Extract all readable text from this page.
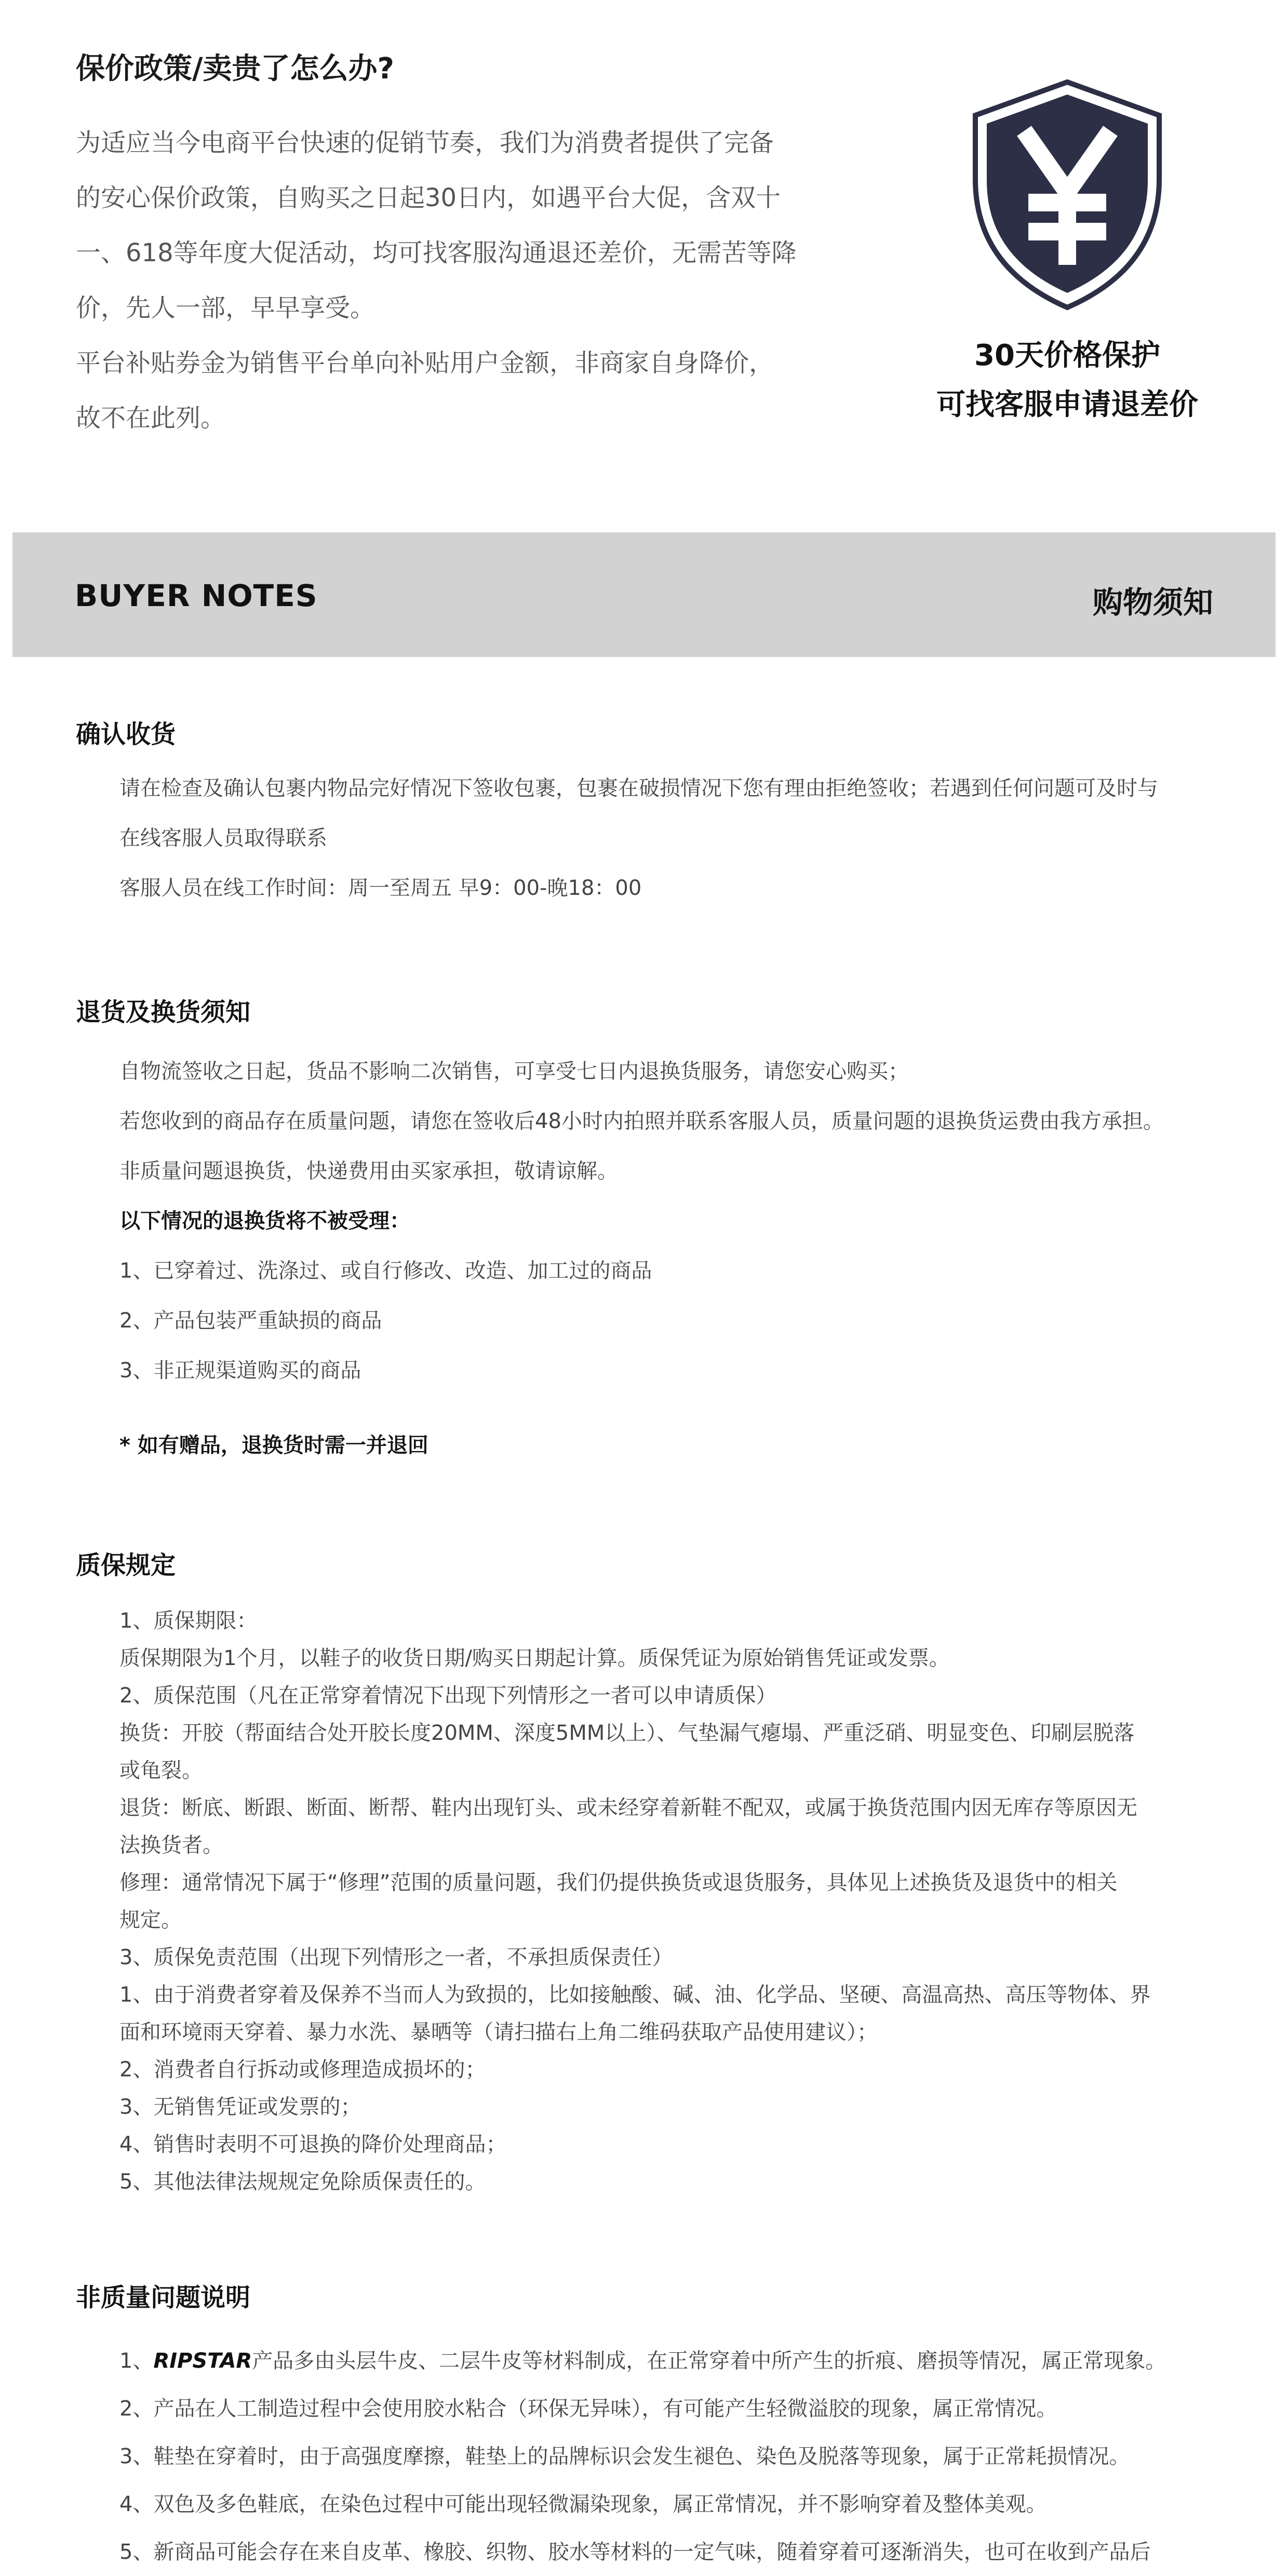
保价政策/卖贵了怎么办?

为适应当今电商平台快速的促销节奏，我们为消费者提供了完备

的安心保价政策，自购买之日起30日内，如遇平台大促，含双十

一、618等年度大促活动，均可找客服沟通退还差价，无需苦等降

价，先人一部，早早享受。

平台补贴券金为销售平台单向补贴用户金额，非商家自身降价，

故不在此列。

30天价格保护
可找客服申请退差价
BUYER NOTES	购物须知
确认收货

请在检查及确认包裹内物品完好情况下签收包裹，包裹在破损情况下您有理由拒绝签收；若遇到任何问题可及时与

在线客服人员取得联系

客服人员在线工作时间：周一至周五 早9：00-晚18：00

退货及换货须知

自物流签收之日起，货品不影响二次销售，可享受七日内退换货服务，请您安心购买；

若您收到的商品存在质量问题，请您在签收后48小时内拍照并联系客服人员，质量问题的退换货运费由我方承担。

非质量问题退换货，快递费用由买家承担，敬请谅解。

以下情况的退换货将不被受理：

1、已穿着过、洗涤过、或自行修改、改造、加工过的商品

2、产品包装严重缺损的商品

3、非正规渠道购买的商品

* 如有赠品，退换货时需一并退回

质保规定

1、质保期限：

质保期限为1个月，以鞋子的收货日期/购买日期起计算。质保凭证为原始销售凭证或发票。

2、质保范围（凡在正常穿着情况下出现下列情形之一者可以申请质保）

换货：开胶（帮面结合处开胶长度20MM、深度5MM以上）、气垫漏气瘪塌、严重泛硝、明显变色、印刷层脱落

或龟裂。

退货：断底、断跟、断面、断帮、鞋内出现钉头、或未经穿着新鞋不配双，或属于换货范围内因无库存等原因无

法换货者。

修理：通常情况下属于“修理”范围的质量问题，我们仍提供换货或退货服务，具体见上述换货及退货中的相关

规定。

3、质保免责范围（出现下列情形之一者，不承担质保责任）

1、由于消费者穿着及保养不当而人为致损的，比如接触酸、碱、油、化学品、坚硬、高温高热、高压等物体、界

面和环境雨天穿着、暴力水洗、暴晒等（请扫描右上角二维码获取产品使用建议）；

2、消费者自行拆动或修理造成损坏的；

3、无销售凭证或发票的；

4、销售时表明不可退换的降价处理商品；

5、其他法律法规规定免除质保责任的。

非质量问题说明

1、RIPSTAR产品多由头层牛皮、二层牛皮等材料制成，在正常穿着中所产生的折痕、磨损等情况，属正常现象。

2、产品在人工制造过程中会使用胶水粘合（环保无异味），有可能产生轻微溢胶的现象，属正常情况。

3、鞋垫在穿着时，由于高强度摩擦，鞋垫上的品牌标识会发生褪色、染色及脱落等现象，属于正常耗损情况。

4、双色及多色鞋底，在染色过程中可能出现轻微漏染现象，属正常情况，并不影响穿着及整体美观。

5、新商品可能会存在来自皮革、橡胶、织物、胶水等材料的一定气味，随着穿着可逐渐消失，也可在收到产品后
